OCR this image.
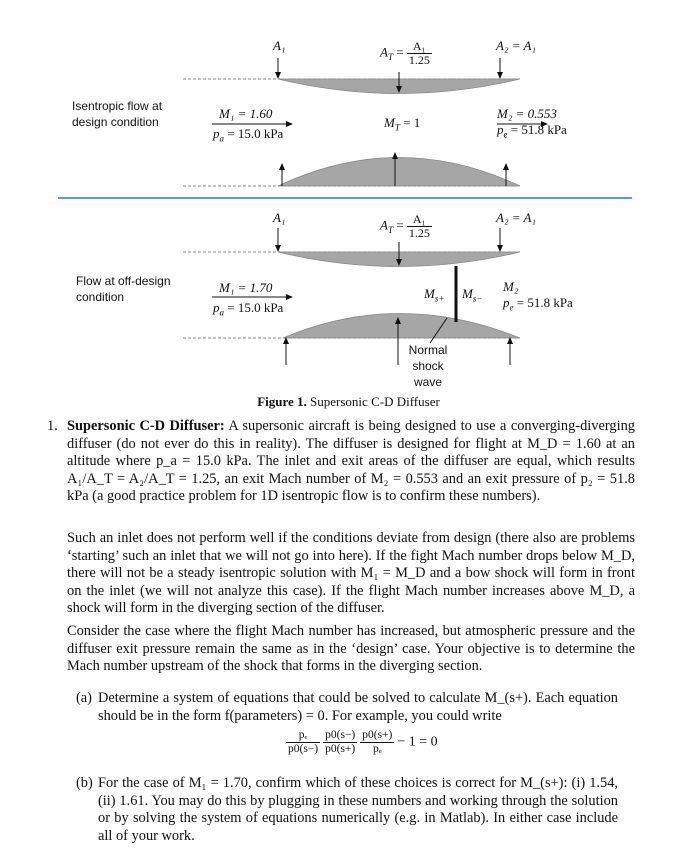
Isentropic flow at design condition
A₁	$A_T = \frac{\text{A₁}}{1.25}$	A₂ = A₁
M₁ = 1.60
$p_a = 15.0$ kPa
$M_T = 1$
M₂ = 0.553
$p_e = 51.8$ kPa
Flow at off-design condition
A₁	$A_T = \frac{\text{A₁}}{1.25}$	A₂ = A₁
M₁ = 1.70
$p_a = 15.0$ kPa
$M_{s+}$ $M_{s-}$
M₂
$p_e = 51.8$ kPa
Normal
shock
wave
Figure 1. Supersonic C-D Diffuser
1. Supersonic C-D Diffuser: A supersonic aircraft is being designed to use a converging-diverging diffuser (do not ever do this in reality). The diffuser is designed for flight at M_D = 1.60 at an altitude where p_a = 15.0 kPa. The inlet and exit areas of the diffuser are equal, which results A₁/A_T = A₂/A_T = 1.25, an exit Mach number of M₂ = 0.553 and an exit pressure of p₂ = 51.8 kPa (a good practice problem for 1D isentropic flow is to confirm these numbers).
Such an inlet does not perform well if the conditions deviate from design (there also are problems ‘starting’ such an inlet that we will not go into here). If the fight Mach number drops below M_D, there will not be a steady isentropic solution with M₁ = M_D and a bow shock will form in front on the inlet (we will not analyze this case). If the flight Mach number increases above M_D, a shock will form in the diverging section of the diffuser.
Consider the case where the flight Mach number has increased, but atmospheric pressure and the diffuser exit pressure remain the same as in the ‘design’ case. Your objective is to determine the Mach number upstream of the shock that forms in the diverging section.
(a) Determine a system of equations that could be solved to calculate M_(s+). Each equation should be in the form f(parameters) = 0. For example, you could write
$\frac{\text{pₑ}}{p0(s-)}$
$\frac{p0(s-)}{p0(s+)}$
$\frac{p0(s+)}{\text{pₑ}} - 1 = 0$
(b) For the case of M₁ = 1.70, confirm which of these choices is correct for M_(s+): (i) 1.54, (ii) 1.61. You may do this by plugging in these numbers and working through the solution or by solving the system of equations numerically (e.g. in Matlab). In either case include all of your work.
